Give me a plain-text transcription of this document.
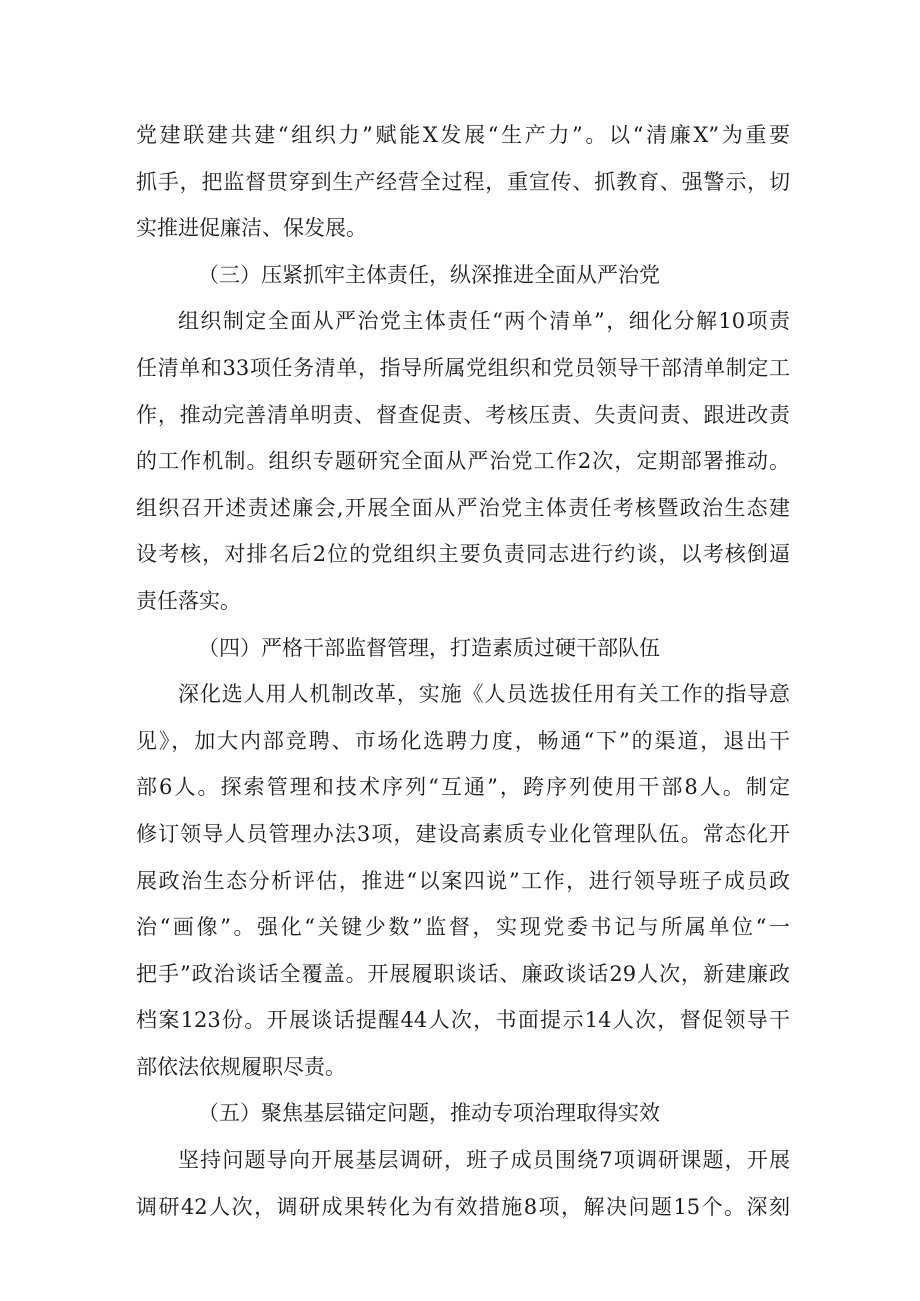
党建联建共建“组织力”赋能X发展“生产力”。以“清廉X”为重要
抓手，把监督贯穿到生产经营全过程，重宣传、抓教育、强警示，切
实推进促廉洁、保发展。
（三）压紧抓牢主体责任，纵深推进全面从严治党
组织制定全面从严治党主体责任“两个清单”，细化分解10项责
任清单和33项任务清单，指导所属党组织和党员领导干部清单制定工
作，推动完善清单明责、督查促责、考核压责、失责问责、跟进改责
的工作机制。组织专题研究全面从严治党工作2次，定期部署推动。
组织召开述责述廉会,开展全面从严治党主体责任考核暨政治生态建
设考核，对排名后2位的党组织主要负责同志进行约谈，以考核倒逼
责任落实。
（四）严格干部监督管理，打造素质过硬干部队伍
深化选人用人机制改革，实施《人员选拔任用有关工作的指导意
见》，加大内部竞聘、市场化选聘力度，畅通“下”的渠道，退出干
部6人。探索管理和技术序列“互通”，跨序列使用干部8人。制定
修订领导人员管理办法3项，建设高素质专业化管理队伍。常态化开
展政治生态分析评估，推进“以案四说”工作，进行领导班子成员政
治“画像”。强化“关键少数”监督，实现党委书记与所属单位“一
把手”政治谈话全覆盖。开展履职谈话、廉政谈话29人次，新建廉政
档案123份。开展谈话提醒44人次，书面提示14人次，督促领导干
部依法依规履职尽责。
（五）聚焦基层锚定问题，推动专项治理取得实效
坚持问题导向开展基层调研，班子成员围绕7项调研课题，开展
调研42人次，调研成果转化为有效措施8项，解决问题15个。深刻
